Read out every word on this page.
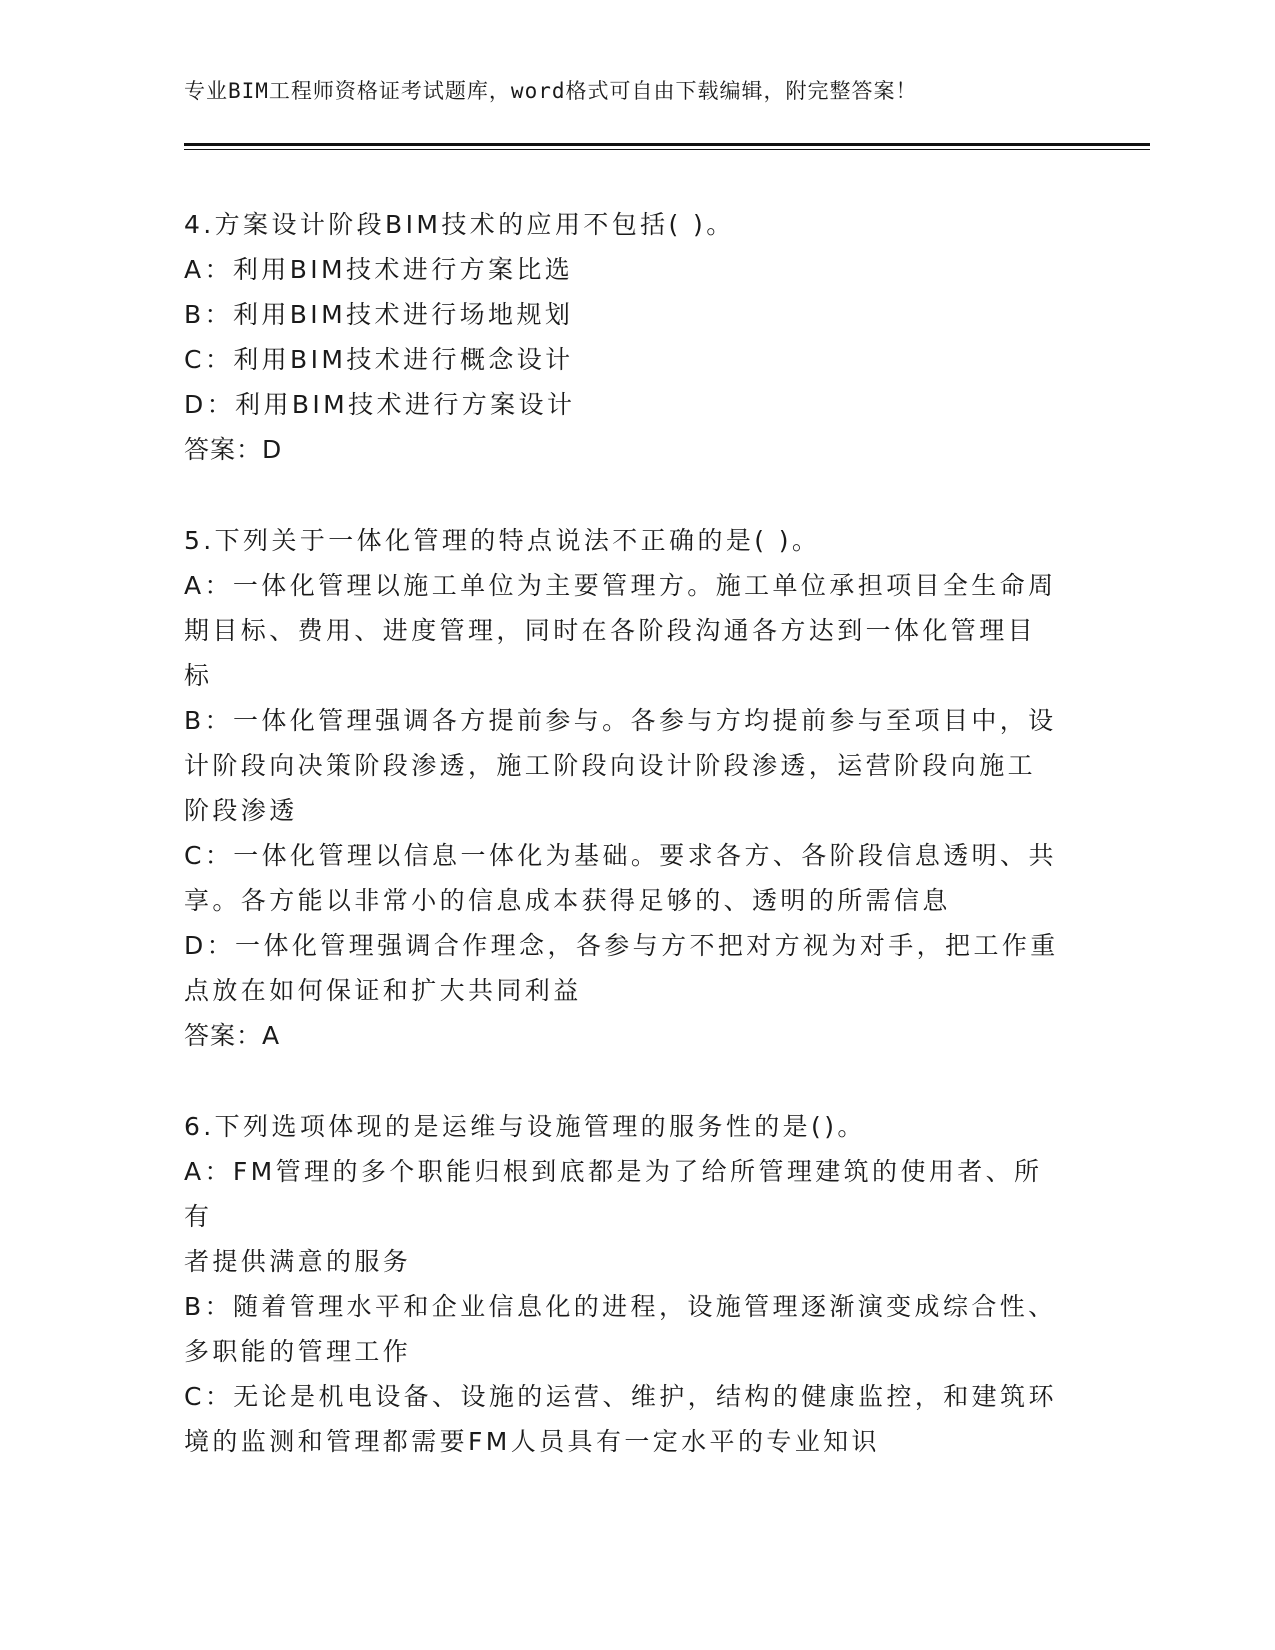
专业BIM工程师资格证考试题库，word格式可自由下载编辑，附完整答案！

4.方案设计阶段BIM技术的应用不包括( )。

A：利用BIM技术进行方案比选

B：利用BIM技术进行场地规划

C：利用BIM技术进行概念设计

D：利用BIM技术进行方案设计

答案：D

5.下列关于一体化管理的特点说法不正确的是( )。

A：一体化管理以施工单位为主要管理方。施工单位承担项目全生命周

期目标、费用、进度管理，同时在各阶段沟通各方达到一体化管理目

标

B：一体化管理强调各方提前参与。各参与方均提前参与至项目中，设

计阶段向决策阶段渗透，施工阶段向设计阶段渗透，运营阶段向施工

阶段渗透

C：一体化管理以信息一体化为基础。要求各方、各阶段信息透明、共

享。各方能以非常小的信息成本获得足够的、透明的所需信息

D：一体化管理强调合作理念，各参与方不把对方视为对手，把工作重

点放在如何保证和扩大共同利益

答案：A

6.下列选项体现的是运维与设施管理的服务性的是()。

A：FM管理的多个职能归根到底都是为了给所管理建筑的使用者、所有

者提供满意的服务

B：随着管理水平和企业信息化的进程，设施管理逐渐演变成综合性、

多职能的管理工作

C：无论是机电设备、设施的运营、维护，结构的健康监控，和建筑环

境的监测和管理都需要FM人员具有一定水平的专业知识
